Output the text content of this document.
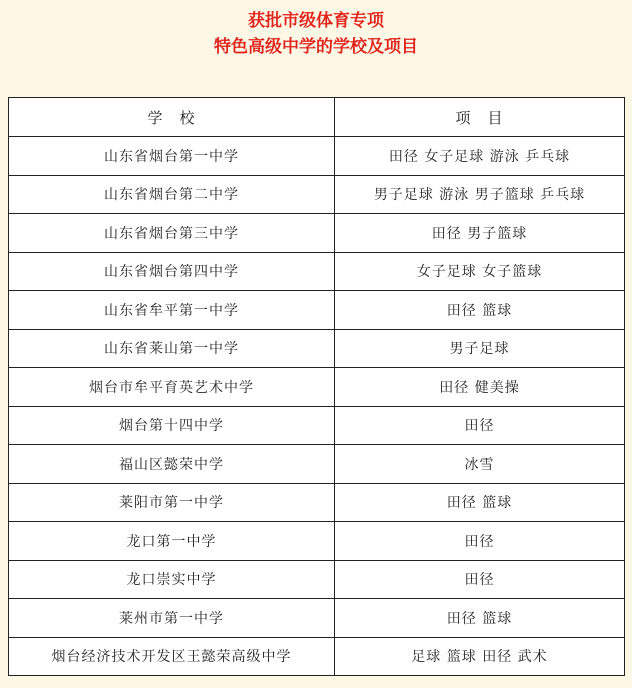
获批市级体育专项
特色高级中学的学校及项目
学　校	项　目
山东省烟台第一中学	田径 女子足球 游泳 乒乓球
山东省烟台第二中学	男子足球 游泳 男子篮球 乒乓球
山东省烟台第三中学	田径 男子篮球
山东省烟台第四中学	女子足球 女子篮球
山东省牟平第一中学	田径 篮球
山东省莱山第一中学	男子足球
烟台市牟平育英艺术中学	田径 健美操
烟台第十四中学	田径
福山区懿荣中学	冰雪
莱阳市第一中学	田径 篮球
龙口第一中学	田径
龙口崇实中学	田径
莱州市第一中学	田径 篮球
烟台经济技术开发区王懿荣高级中学	足球 篮球 田径 武术
